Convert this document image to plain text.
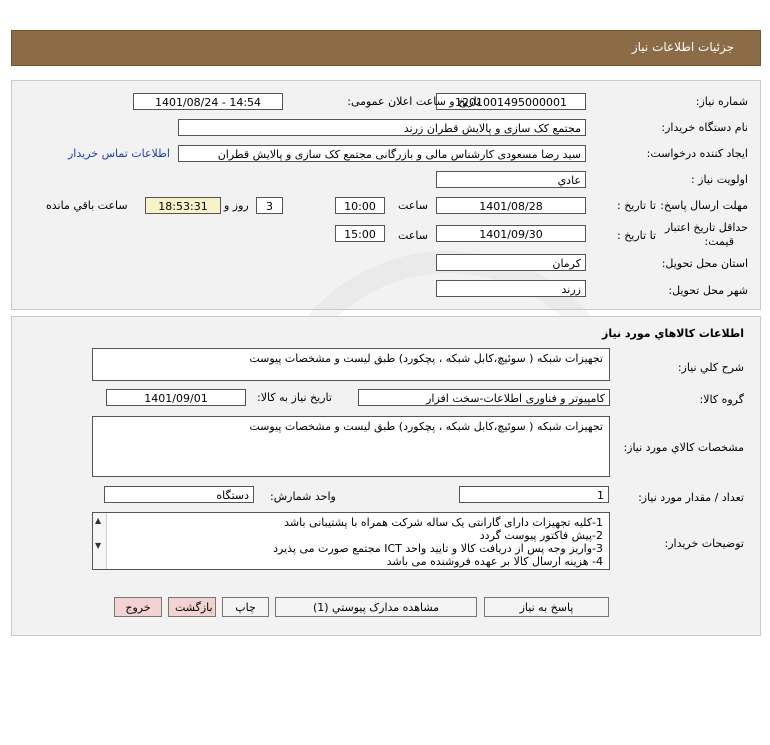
جزئيات اطلاعات نياز
شماره نياز:
1201001495000001
تاريخ و ساعت اعلان عمومی:
1401/08/24 - 14:54
نام دستگاه خريدار:
مجتمع کک سازی و پالایش قطران زرند
ايجاد کننده درخواست:
سید رضا مسعودی کارشناس مالی و بازرگانی مجتمع کک سازی و پالایش قطران
اطلاعات تماس خريدار
اولويت نياز :
عادي
مهلت ارسال پاسخ:
تا تاريخ :
1401/08/28
ساعت
10:00
3
روز و
18:53:31
ساعت باقي مانده
حداقل تاريخ اعتبار
قيمت:
تا تاريخ :
1401/09/30
ساعت
15:00
استان محل تحويل:
کرمان
شهر محل تحويل:
زرند
اطلاعات کالاهاي مورد نياز
شرح کلي نياز:
تجهیزات شبکه ( سوئیچ،کابل شبکه ، پچکورد) طبق لیست و مشخصات پیوست
گروه کالا:
کامپیوتر و فناوری اطلاعات-سخت افزار
تاريخ نياز به کالا:
1401/09/01
مشخصات کالاي مورد نياز:
تجهیزات شبکه ( سوئیچ،کابل شبکه ، پچکورد) طبق لیست و مشخصات پیوست
تعداد / مقدار مورد نياز:
1
واحد شمارش:
دستگاه
توضيحات خريدار:
▲
▼
1-کلیه تجهیزات دارای گارانتی یک ساله شرکت همراه با پشتیبانی باشد
2-پیش فاکتور پیوست گردد
3-واریز وجه پس از دریافت کالا و تایید واحد ICT مجتمع صورت می پذیرد
4- هزینه ارسال کالا بر عهده فروشنده می باشد
پاسخ به نياز
مشاهده مدارک پيوستي (1)
چاپ
بازگشت
خروج
